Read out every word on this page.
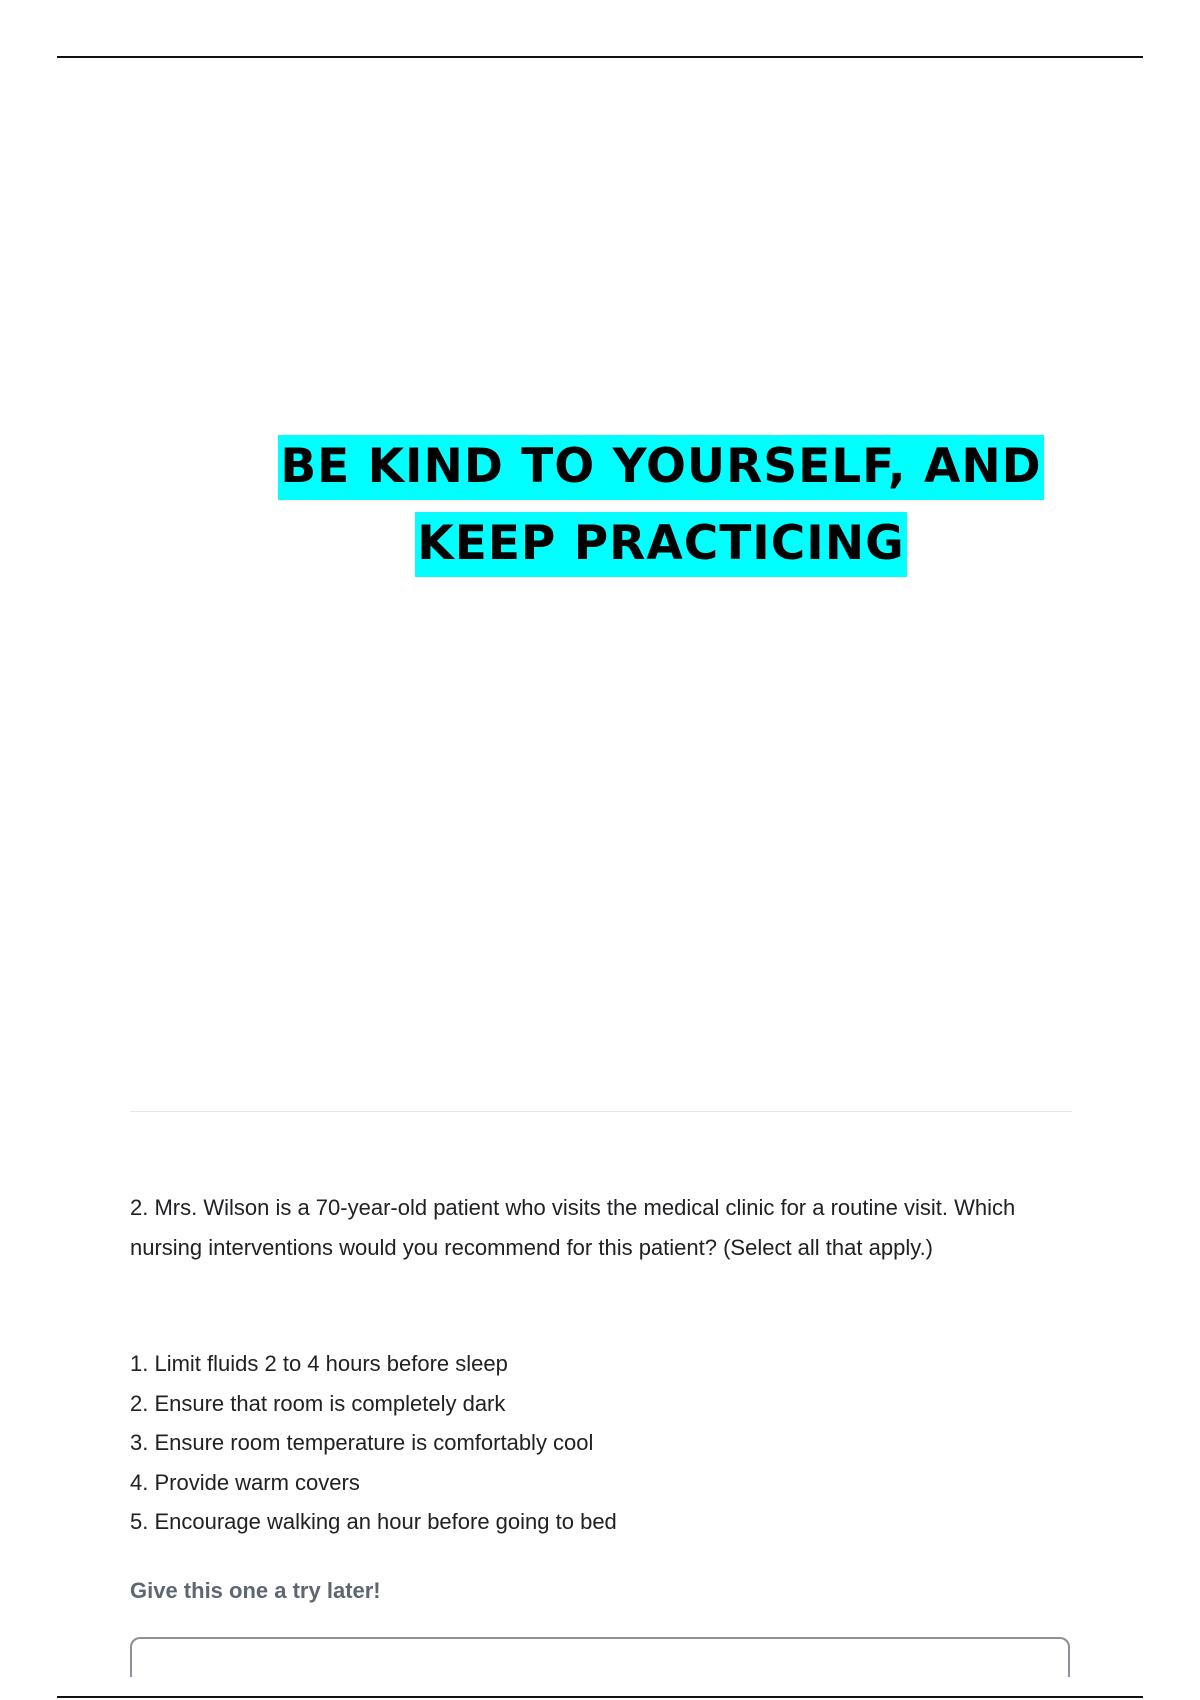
BE KIND TO YOURSELF, AND
KEEP PRACTICING
2. Mrs. Wilson is a 70-year-old patient who visits the medical clinic for a routine visit. Which nursing interventions would you recommend for this patient? (Select all that apply.)
1. Limit fluids 2 to 4 hours before sleep
2. Ensure that room is completely dark
3. Ensure room temperature is comfortably cool
4. Provide warm covers
5. Encourage walking an hour before going to bed
Give this one a try later!
